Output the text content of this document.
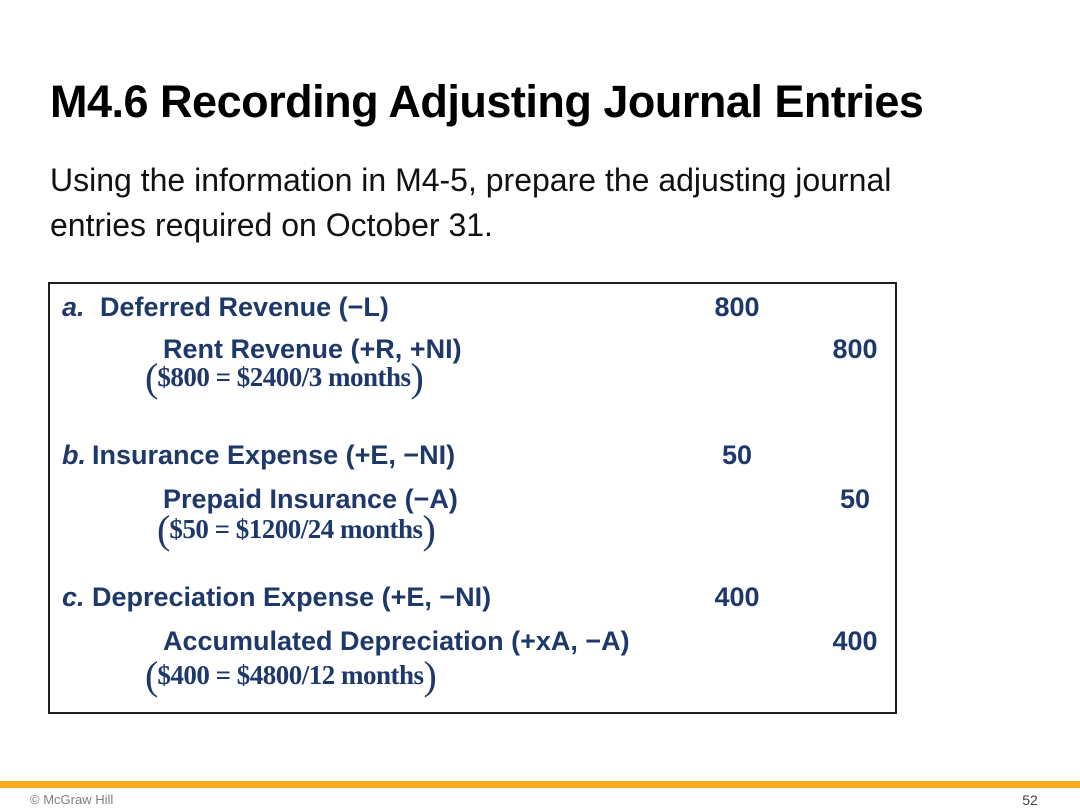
M4.6 Recording Adjusting Journal Entries
Using the information in M4-5, prepare the adjusting journal
entries required on October 31.
a. Deferred Revenue (−L)	800
Rent Revenue (+R, +NI)	800
($800 = $2400/3 months)
b. Insurance Expense (+E, −NI)	50
Prepaid Insurance (−A)	50
($50 = $1200/24 months)
c. Depreciation Expense (+E, −NI)	400
Accumulated Depreciation (+xA, −A)	400
($400 = $4800/12 months)
© McGraw Hill	52
